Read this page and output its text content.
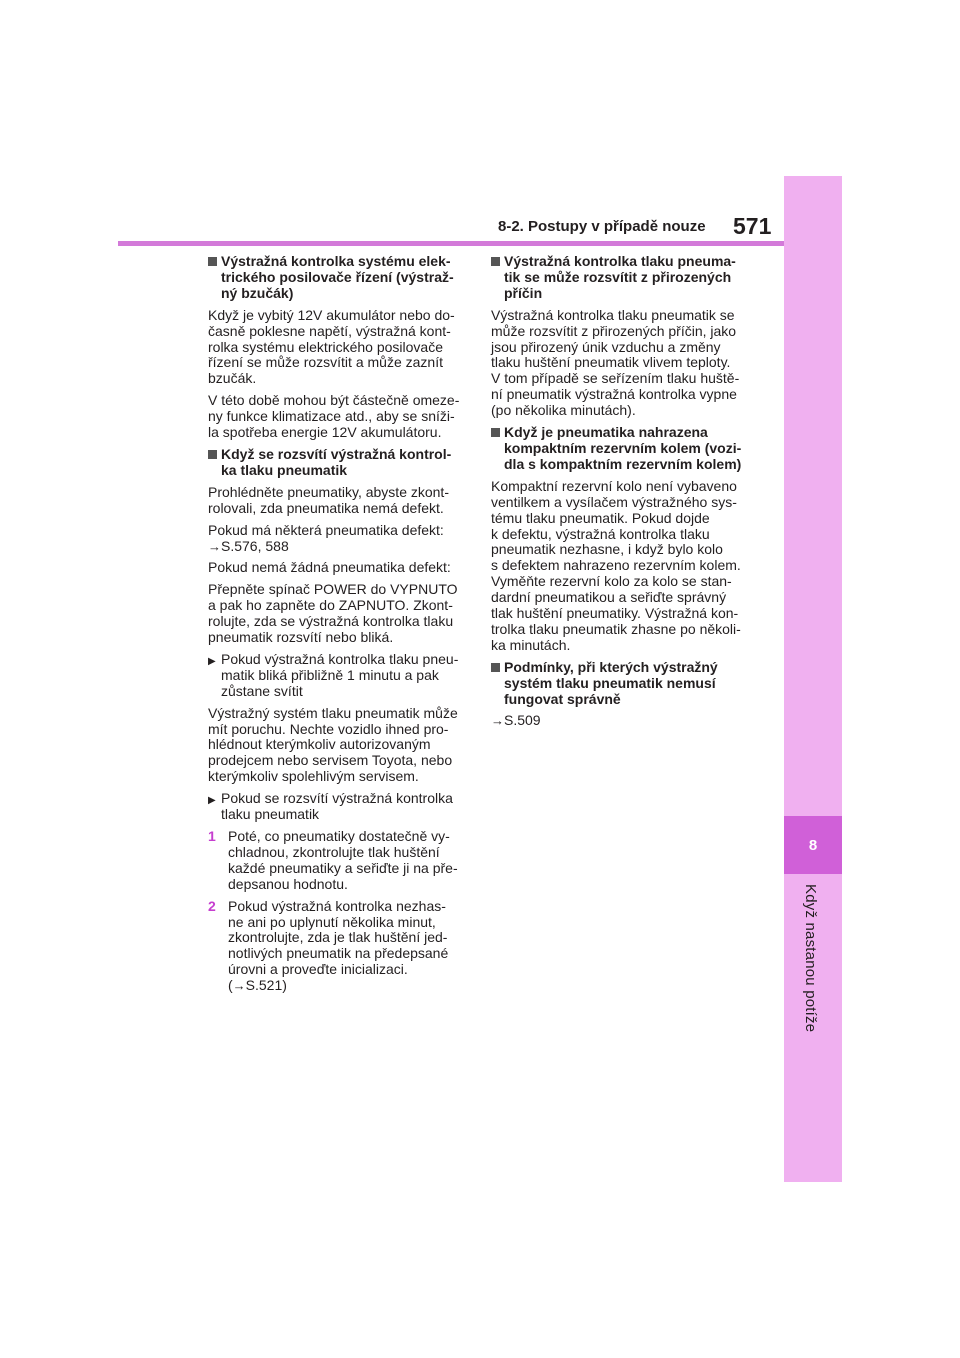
8
Když nastanou potíže
8-2. Postupy v případě nouze 571
Výstražná kontrolka systému elek-
trického posilovače řízení (výstraž-
ný bzučák)

Když je vybitý 12V akumulátor nebo do-
časně poklesne napětí, výstražná kont-
rolka systému elektrického posilovače
řízení se může rozsvítit a může zaznít
bzučák.

V této době mohou být částečně omeze-
ny funkce klimatizace atd., aby se sníži-
la spotřeba energie 12V akumulátoru.

Když se rozsvítí výstražná kontrol-
ka tlaku pneumatik

Prohlédněte pneumatiky, abyste zkont-
rolovali, zda pneumatika nemá defekt.

Pokud má některá pneumatika defekt:
→S.576, 588

Pokud nemá žádná pneumatika defekt:

Přepněte spínač POWER do VYPNUTO
a pak ho zapněte do ZAPNUTO. Zkont-
rolujte, zda se výstražná kontrolka tlaku
pneumatik rozsvítí nebo bliká.

▶ Pokud výstražná kontrolka tlaku pneu-
matik bliká přibližně 1 minutu a pak
zůstane svítit

Výstražný systém tlaku pneumatik může
mít poruchu. Nechte vozidlo ihned pro-
hlédnout kterýmkoliv autorizovaným
prodejcem nebo servisem Toyota, nebo
kterýmkoliv spolehlivým servisem.

▶ Pokud se rozsvítí výstražná kontrolka
tlaku pneumatik
1 Poté, co pneumatiky dostatečně vy-
chladnou, zkontrolujte tlak huštění
každé pneumatiky a seřiďte ji na pře-
depsanou hodnotu.
2 Pokud výstražná kontrolka nezhas-
ne ani po uplynutí několika minut,
zkontrolujte, zda je tlak huštění jed-
notlivých pneumatik na předepsané
úrovni a proveďte inicializaci.
(→S.521)
Výstražná kontrolka tlaku pneuma-
tik se může rozsvítit z přirozených
příčin

Výstražná kontrolka tlaku pneumatik se
může rozsvítit z přirozených příčin, jako
jsou přirozený únik vzduchu a změny
tlaku huštění pneumatik vlivem teploty.
V tom případě se seřízením tlaku huště-
ní pneumatik výstražná kontrolka vypne
(po několika minutách).

Když je pneumatika nahrazena
kompaktním rezervním kolem (vozi-
dla s kompaktním rezervním kolem)

Kompaktní rezervní kolo není vybaveno
ventilkem a vysílačem výstražného sys-
tému tlaku pneumatik. Pokud dojde
k defektu, výstražná kontrolka tlaku
pneumatik nezhasne, i když bylo kolo
s defektem nahrazeno rezervním kolem.
Vyměňte rezervní kolo za kolo se stan-
dardní pneumatikou a seřiďte správný
tlak huštění pneumatiky. Výstražná kon-
trolka tlaku pneumatik zhasne po několi-
ka minutách.

Podmínky, při kterých výstražný
systém tlaku pneumatik nemusí
fungovat správně

→S.509
